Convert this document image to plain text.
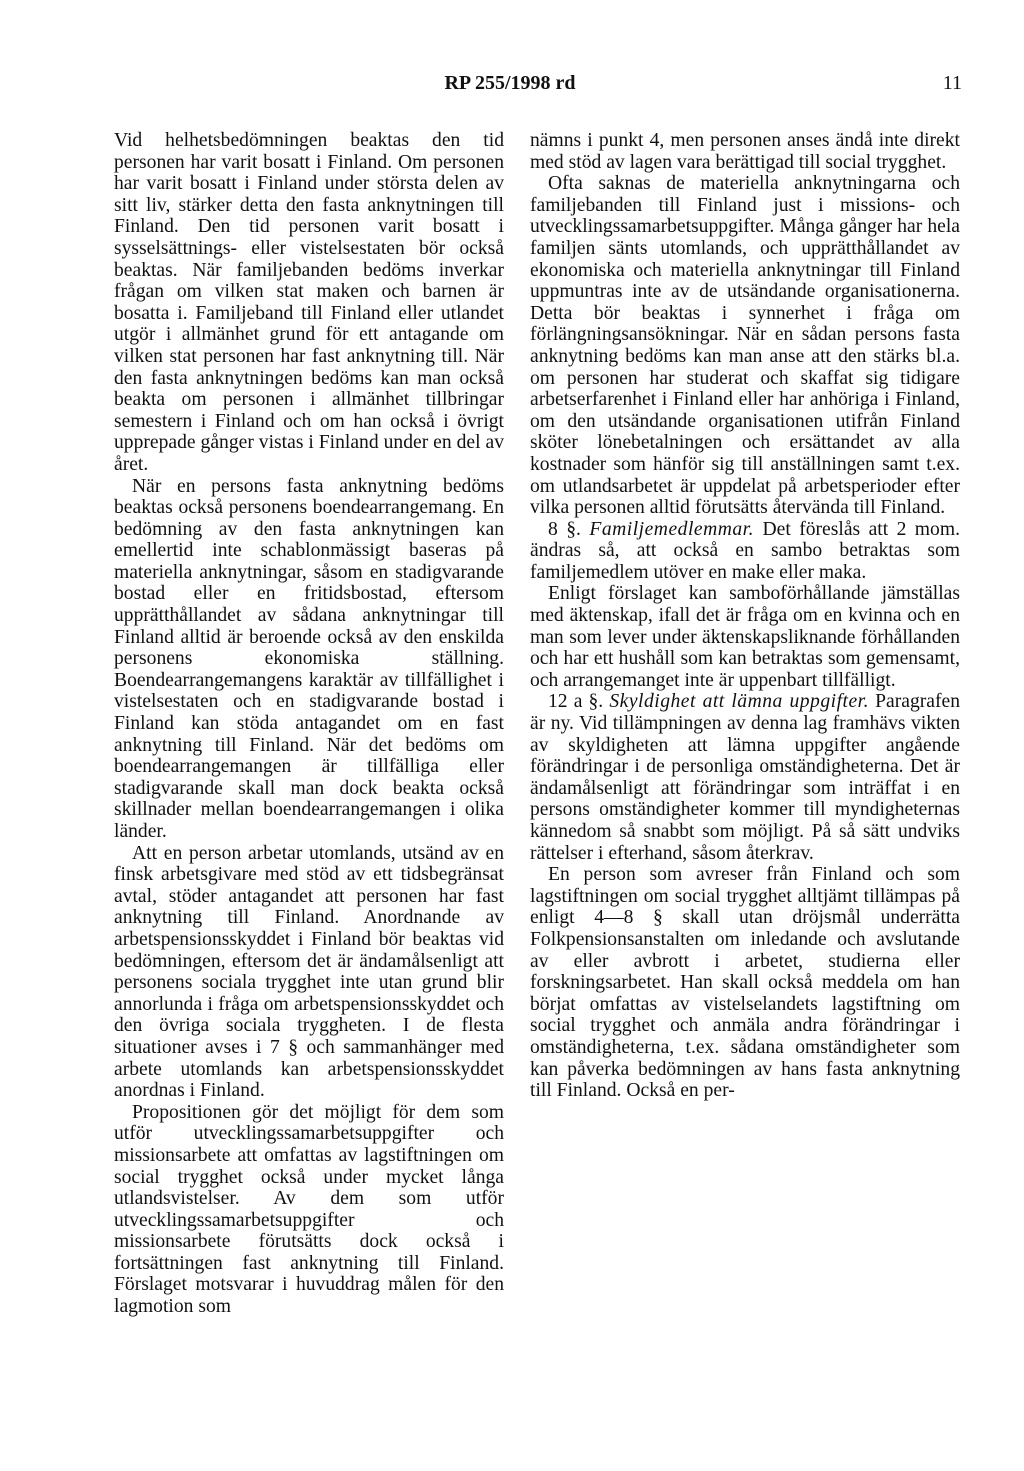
RP 255/1998 rd	11

Vid helhetsbedömningen beaktas den tid personen har varit bosatt i Finland. Om personen har varit bosatt i Finland under största delen av sitt liv, stärker detta den fasta anknytningen till Finland. Den tid personen varit bosatt i sysselsättnings- eller vistelsestaten bör också beaktas. När familjebanden bedöms inverkar frågan om vilken stat maken och barnen är bosatta i. Familjeband till Finland eller utlandet utgör i allmänhet grund för ett antagande om vilken stat personen har fast anknytning till. När den fasta anknytningen bedöms kan man också beakta om personen i allmänhet tillbringar semestern i Finland och om han också i övrigt upprepade gånger vistas i Finland under en del av året.

När en persons fasta anknytning bedöms beaktas också personens boendearrangemang. En bedömning av den fasta anknytningen kan emellertid inte schablonmässigt baseras på materiella anknytningar, såsom en stadigvarande bostad eller en fritidsbostad, eftersom upprätthållandet av sådana anknytningar till Finland alltid är beroende också av den enskilda personens ekonomiska ställning. Boendearrangemangens karaktär av tillfällighet i vistelsestaten och en stadigvarande bostad i Finland kan stöda antagandet om en fast anknytning till Finland. När det bedöms om boendearrangemangen är tillfälliga eller stadigvarande skall man dock beakta också skillnader mellan boendearrangemangen i olika länder.

Att en person arbetar utomlands, utsänd av en finsk arbetsgivare med stöd av ett tidsbegränsat avtal, stöder antagandet att personen har fast anknytning till Finland. Anordnande av arbetspensionsskyddet i Finland bör beaktas vid bedömningen, eftersom det är ändamålsenligt att personens sociala trygghet inte utan grund blir annorlunda i fråga om arbetspensionsskyddet och den övriga sociala tryggheten. I de flesta situationer avses i 7 § och sammanhänger med arbete utomlands kan arbetspensionsskyddet anordnas i Finland.

Propositionen gör det möjligt för dem som utför utvecklingssamarbetsuppgifter och missionsarbete att omfattas av lagstiftningen om social trygghet också under mycket långa utlandsvistelser. Av dem som utför utvecklingssamarbetsuppgifter och missionsarbete förutsätts dock också i fortsättningen fast anknytning till Finland. Förslaget motsvarar i huvuddrag målen för den lagmotion som

nämns i punkt 4, men personen anses ändå inte direkt med stöd av lagen vara berättigad till social trygghet.

Ofta saknas de materiella anknytningarna och familjebanden till Finland just i missions- och utvecklingssamarbetsuppgifter. Många gånger har hela familjen sänts utomlands, och upprätthållandet av ekonomiska och materiella anknytningar till Finland uppmuntras inte av de utsändande organisationerna. Detta bör beaktas i synnerhet i fråga om förlängningsansökningar. När en sådan persons fasta anknytning bedöms kan man anse att den stärks bl.a. om personen har studerat och skaffat sig tidigare arbetserfarenhet i Finland eller har anhöriga i Finland, om den utsändande organisationen utifrån Finland sköter lönebetalningen och ersättandet av alla kostnader som hänför sig till anställningen samt t.ex. om utlandsarbetet är uppdelat på arbetsperioder efter vilka personen alltid förutsätts återvända till Finland.

8 §. Familjemedlemmar. Det föreslås att 2 mom. ändras så, att också en sambo betraktas som familjemedlem utöver en make eller maka.

Enligt förslaget kan samboförhållande jämställas med äktenskap, ifall det är fråga om en kvinna och en man som lever under äktenskapsliknande förhållanden och har ett hushåll som kan betraktas som gemensamt, och arrangemanget inte är uppenbart tillfälligt.

12 a §. Skyldighet att lämna uppgifter. Paragrafen är ny. Vid tillämpningen av denna lag framhävs vikten av skyldigheten att lämna uppgifter angående förändringar i de personliga omständigheterna. Det är ändamålsenligt att förändringar som inträffat i en persons omständigheter kommer till myndigheternas kännedom så snabbt som möjligt. På så sätt undviks rättelser i efterhand, såsom återkrav.

En person som avreser från Finland och som lagstiftningen om social trygghet alltjämt tillämpas på enligt 4—8 § skall utan dröjsmål underrätta Folkpensionsanstalten om inledande och avslutande av eller avbrott i arbetet, studierna eller forskningsarbetet. Han skall också meddela om han börjat omfattas av vistelselandets lagstiftning om social trygghet och anmäla andra förändringar i omständigheterna, t.ex. sådana omständigheter som kan påverka bedömningen av hans fasta anknytning till Finland. Också en per-
